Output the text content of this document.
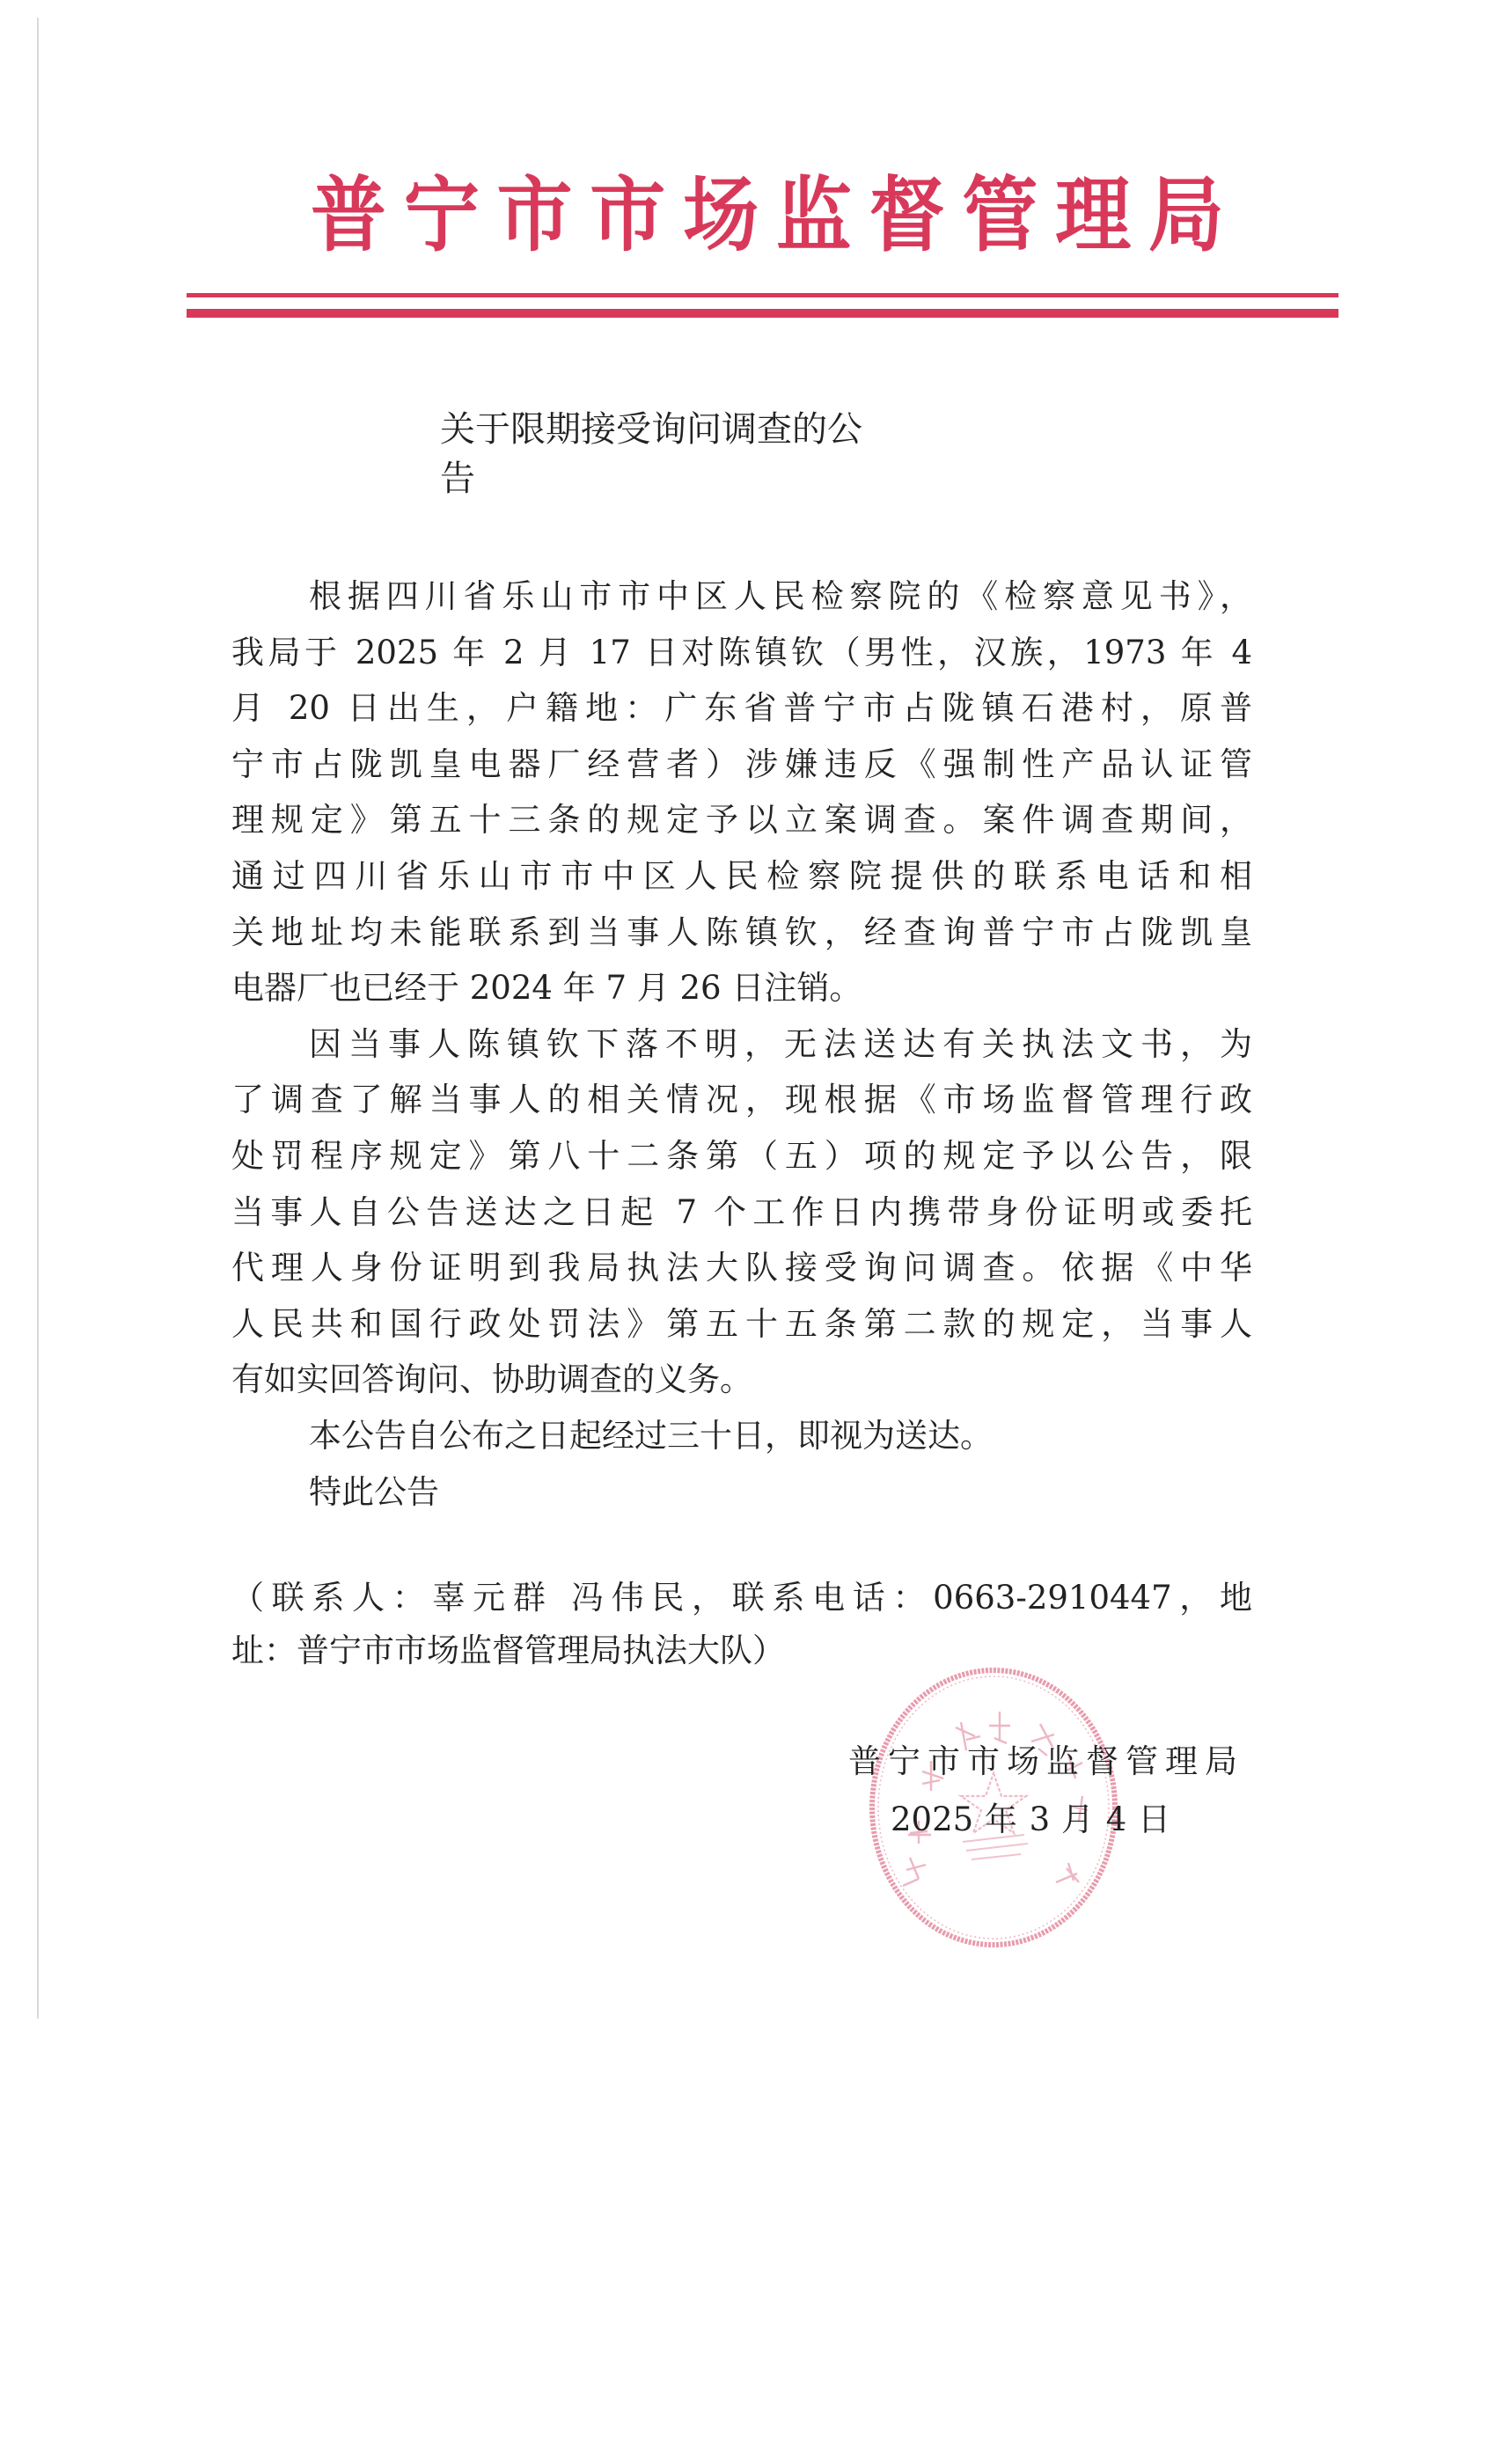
普 宁 市 市 场 监 督 管 理 局
关于限期接受询问调查的公告
根据四川省乐山市市中区人民检察院的《检察意见书》，
我局于 2025 年 2 月 17 日对陈镇钦（男性，汉族，1973 年 4
月 20 日出生，户籍地：广东省普宁市占陇镇石港村，原普
宁市占陇凯皇电器厂经营者）涉嫌违反《强制性产品认证管
理规定》第五十三条的规定予以立案调查。案件调查期间，
通过四川省乐山市市中区人民检察院提供的联系电话和相
关地址均未能联系到当事人陈镇钦，经查询普宁市占陇凯皇
电器厂也已经于 2024 年 7 月 26 日注销。
因当事人陈镇钦下落不明，无法送达有关执法文书，为
了调查了解当事人的相关情况，现根据《市场监督管理行政
处罚程序规定》第八十二条第（五）项的规定予以公告，限
当事人自公告送达之日起 7 个工作日内携带身份证明或委托
代理人身份证明到我局执法大队接受询问调查。依据《中华
人民共和国行政处罚法》第五十五条第二款的规定，当事人
有如实回答询问、协助调查的义务。
本公告自公布之日起经过三十日，即视为送达。
特此公告
（联系人：辜元群 冯伟民，联系电话：0663-2910447，地
址：普宁市市场监督管理局执法大队）
普宁市市场监督管理局
2025 年 3 月 4 日
